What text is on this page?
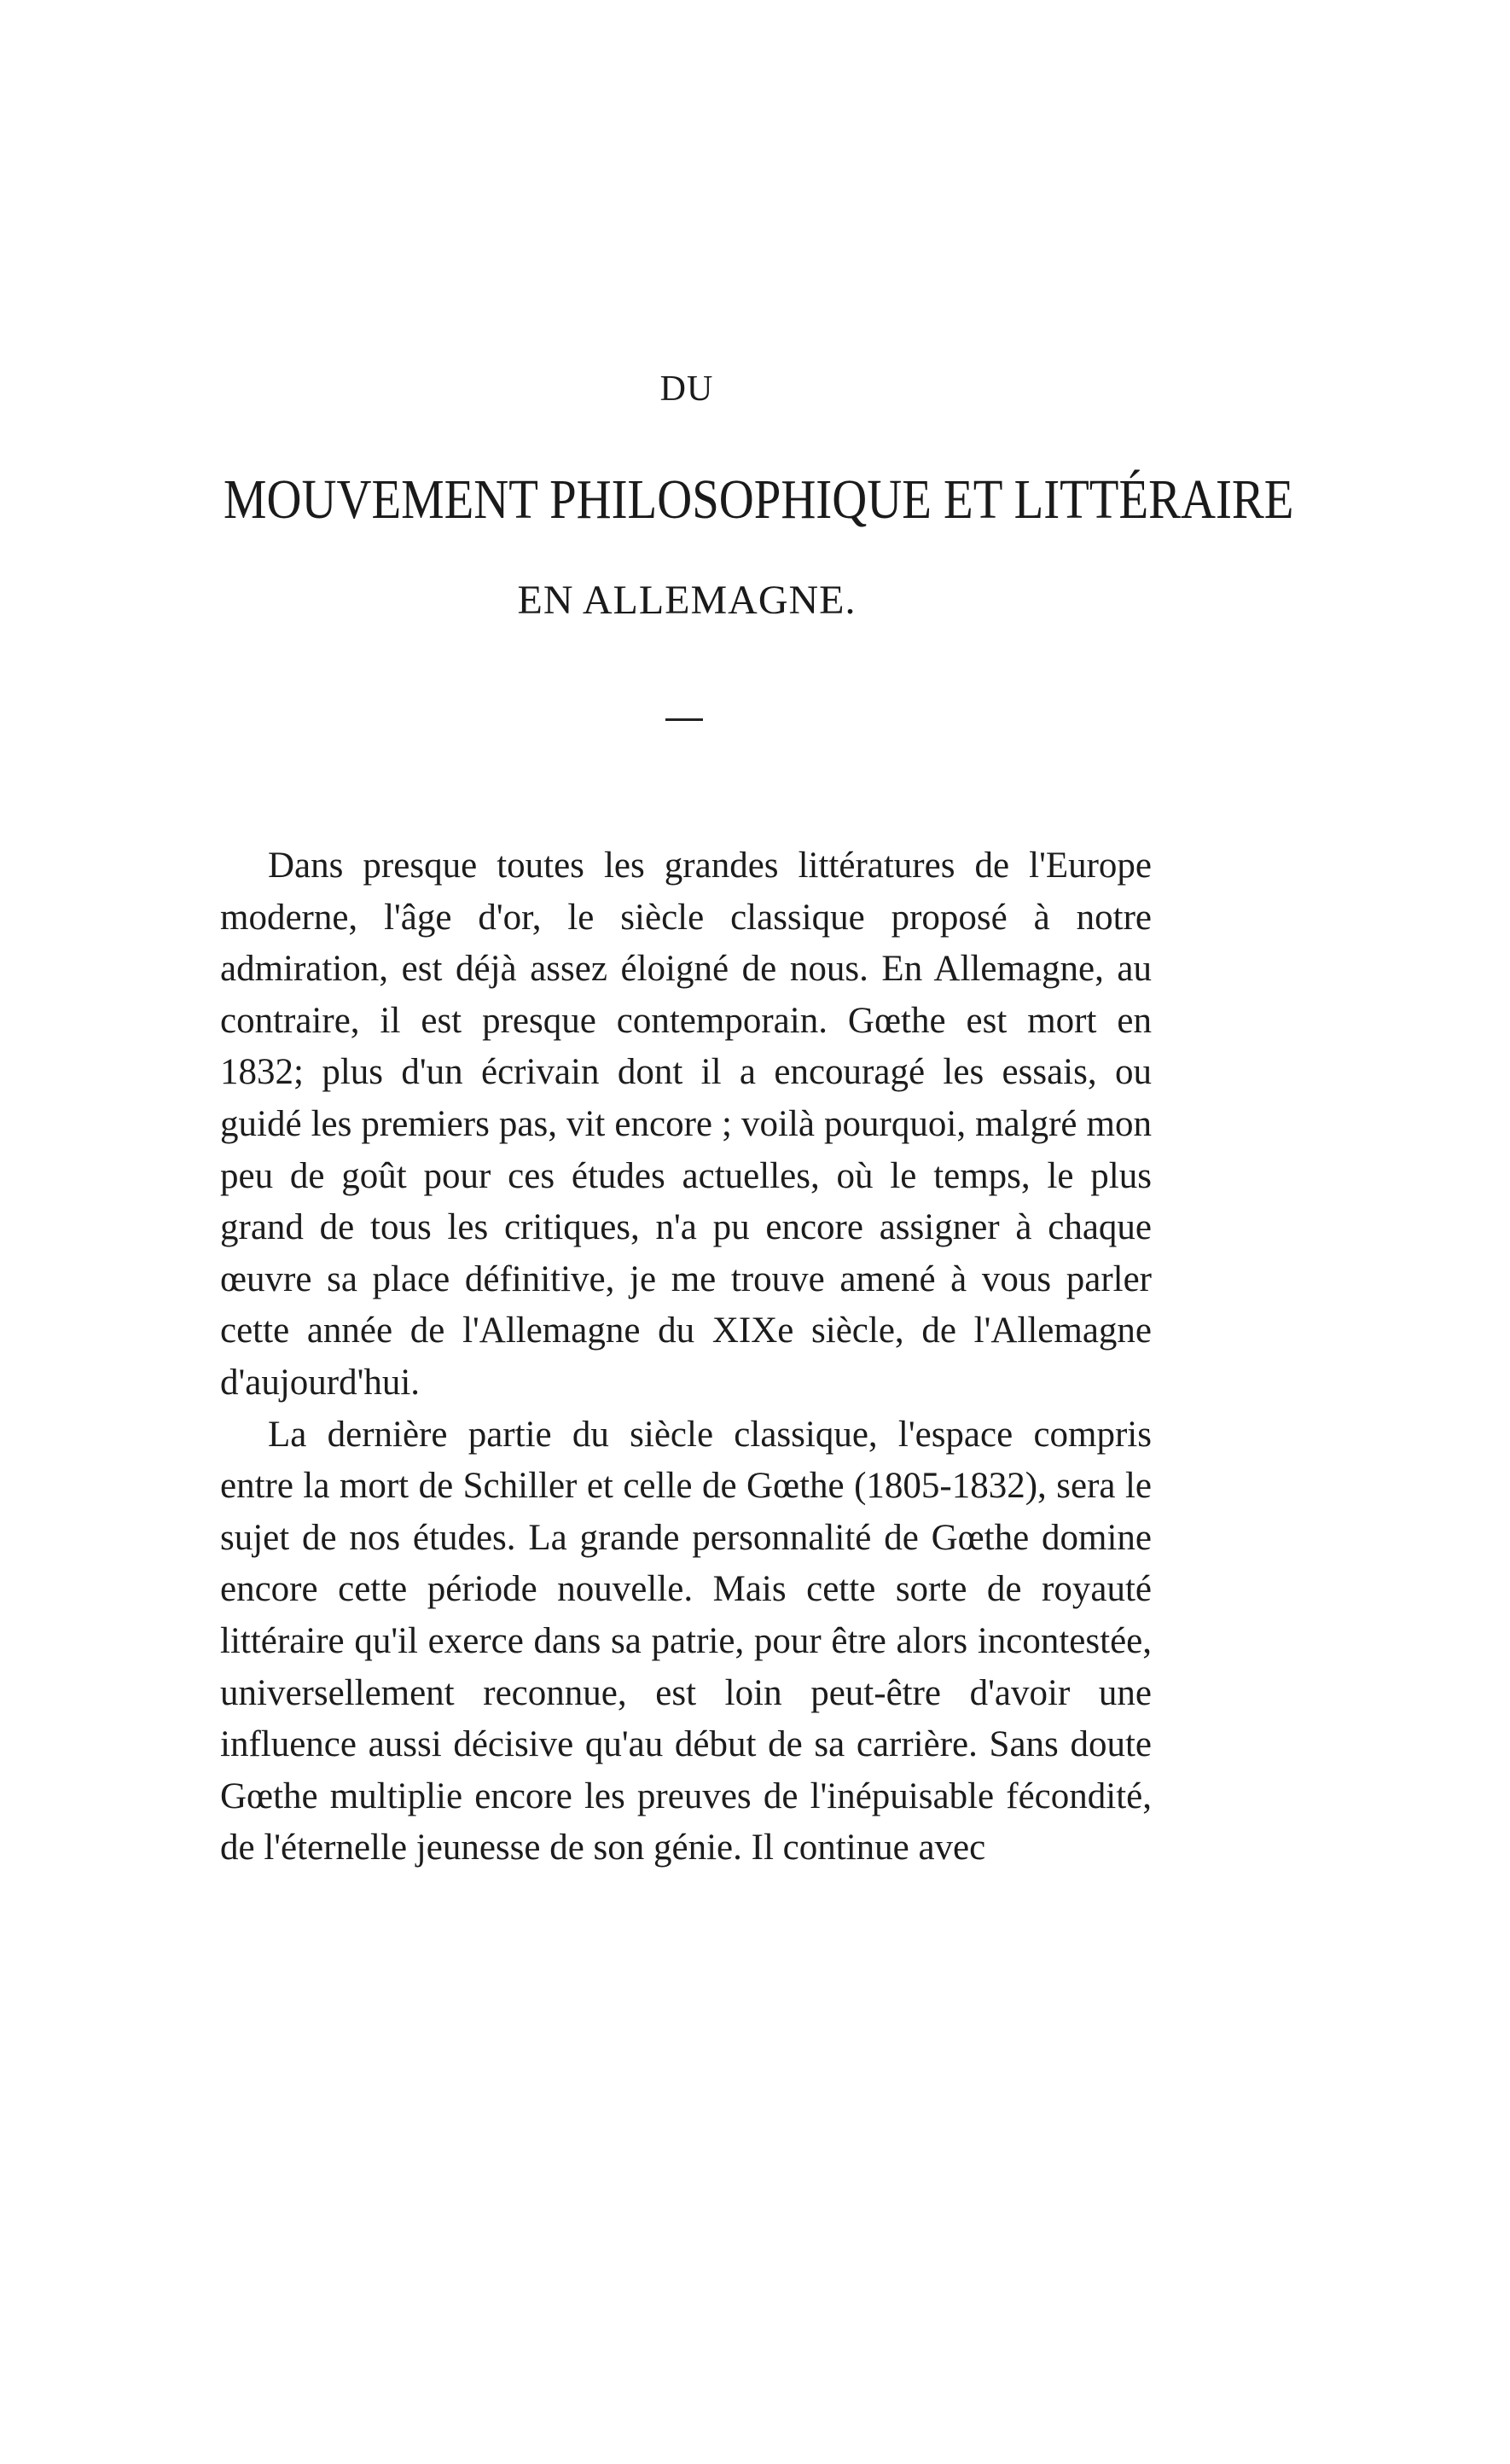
DU
MOUVEMENT PHILOSOPHIQUE ET LITTÉRAIRE
EN ALLEMAGNE.

Dans presque toutes les grandes littératures de l'Europe moderne, l'âge d'or, le siècle classique proposé à notre admiration, est déjà assez éloigné de nous. En Allemagne, au contraire, il est presque contemporain. Gœthe est mort en 1832; plus d'un écrivain dont il a encouragé les essais, ou guidé les premiers pas, vit encore ; voilà pourquoi, malgré mon peu de goût pour ces études actuelles, où le temps, le plus grand de tous les critiques, n'a pu encore assigner à chaque œuvre sa place définitive, je me trouve amené à vous parler cette année de l'Allemagne du XIXe siècle, de l'Allemagne d'aujourd'hui.

La dernière partie du siècle classique, l'espace compris entre la mort de Schiller et celle de Gœthe (1805-1832), sera le sujet de nos études. La grande personnalité de Gœthe domine encore cette période nouvelle. Mais cette sorte de royauté littéraire qu'il exerce dans sa patrie, pour être alors incontestée, universellement reconnue, est loin peut-être d'avoir une influence aussi décisive qu'au début de sa carrière. Sans doute Gœthe multiplie encore les preuves de l'inépuisable fécondité, de l'éternelle jeunesse de son génie. Il continue avec
